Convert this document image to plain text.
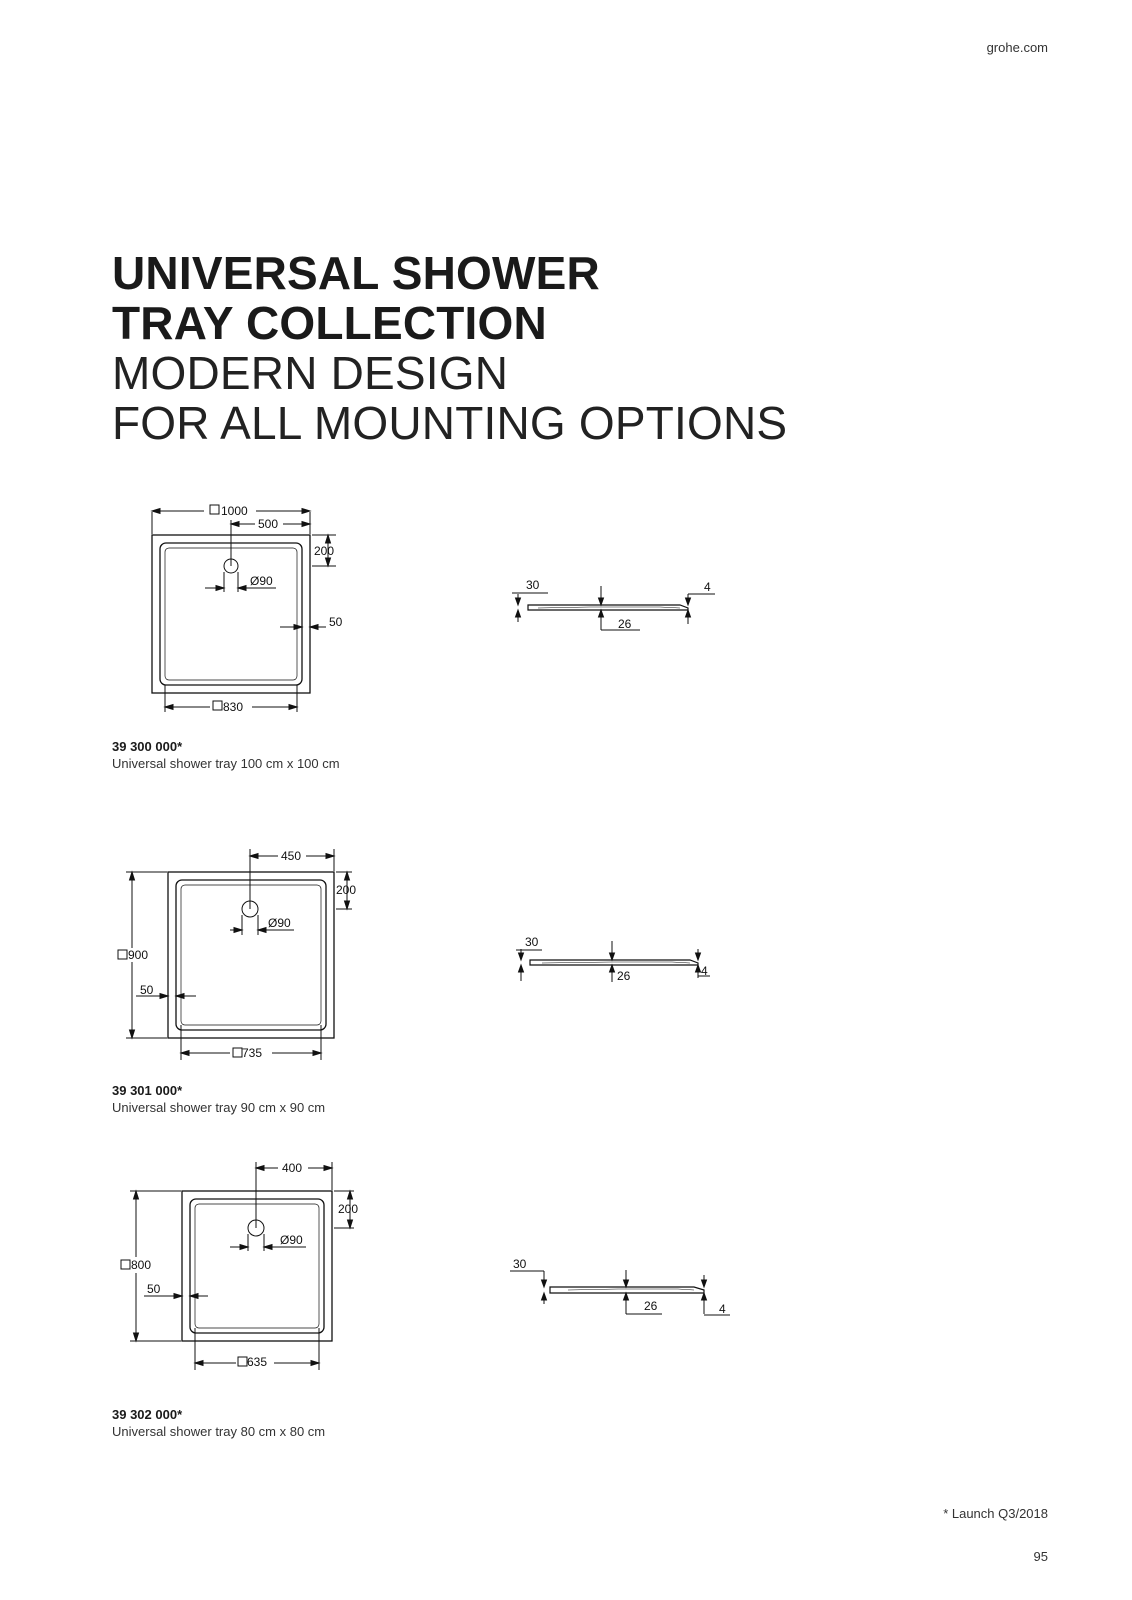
grohe.com
UNIVERSAL SHOWER
TRAY COLLECTION
MODERN DESIGN
FOR ALL MOUNTING OPTIONS
1000
500
200
Ø90
50
830
30
26
4
39 300 000*
Universal shower tray 100 cm x 100 cm
450
200
Ø90
900
50
735
30
26	4
39 301 000*
Universal shower tray 90 cm x 90 cm
400
200
Ø90
800
50
635
30
26	4
39 302 000*
Universal shower tray 80 cm x 80 cm
* Launch Q3/2018
95
